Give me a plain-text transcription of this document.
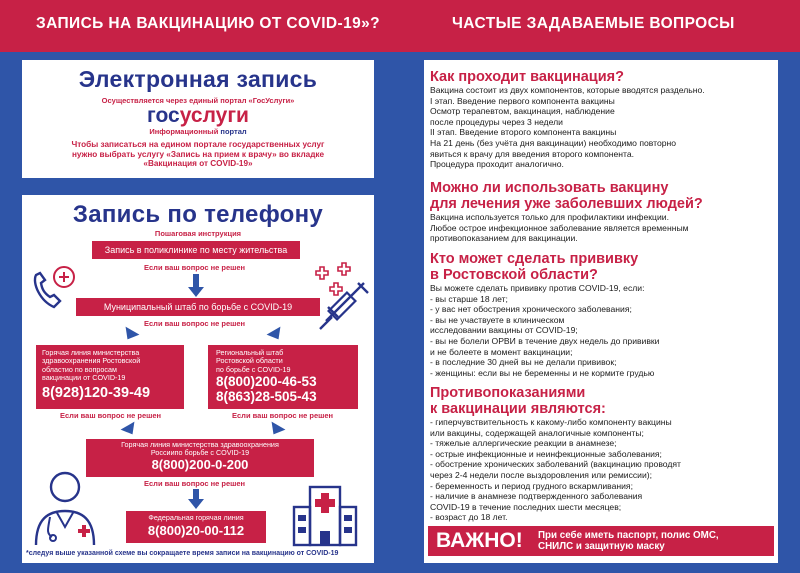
ЗАПИСЬ НА ВАКЦИНАЦИЮ ОТ COVID-19»?	ЧАСТЫЕ ЗАДАВАЕМЫЕ ВОПРОСЫ
Электронная запись
Осуществляется через единый портал «ГосУслуги»
госуслуги
Информационный портал
Чтобы записаться на едином портале государственных услуг
нужно выбрать услугу «Запись на прием к врачу» во вкладке
«Вакцинация от COVID-19»
Запись по телефону
Пошаговая инструкция
Запись в поликлинике по месту жительства
Если ваш вопрос не решен
Муниципальный штаб по борьбе с COVID-19
Если ваш вопрос не решен
Горячая линия министерства
здравоохранения Ростовской
областио по вопросам
вакцинации от COVID-19
8(928)120-39-49
Если ваш вопрос не решен
Региональный штаб
Ростовской области
по борьбе с COVID-19
8(800)200-46-53
8(863)28-505-43
Если ваш вопрос не решен
Горячая линия министерства здравоохранения
Россиипо борьбе с COVID-19
8(800)200-0-200
Если ваш вопрос не решен
Федеральная горячая линия
8(800)20-00-112
*следуя выше указанной схеме вы сокращаете время записи на вакцинацию от COVID-19
Как проходит вакцинация?

Вакцина состоит из двух компонентов, которые вводятся раздельно.

I этап. Введение первого компонента вакцины

Осмотр терапевтом, вакцинация, наблюдение

после процедуры через 3 недели

II этап. Введение второго компонента вакцины

На 21 день (без учёта дня вакцинации) необходимо повторно

явиться к врачу для введения второго компонента.

Процедура проходит аналогично.

Можно ли использовать вакцину
для лечения уже заболевших людей?

Вакцина используется только для профилактики инфекции.

Любое острое инфекционное заболевание является временным

противопоказанием для вакцинации.

Кто может сделать прививку
в Ростовской области?

Вы можете сделать прививку против COVID-19, если:

- вы старше 18 лет;

- у вас нет обострения хронического заболевания;

- вы не участвуете в клиническом

исследовании вакцины от COVID-19;

- вы не болели ОРВИ в течение двух недель до прививки

и не болеете в момент вакцинации;

- в последние 30 дней вы не делали прививок;

- женщины: если вы не беременны и не кормите грудью

Противопоказаниями
к вакцинации являются:

- гиперчувствительность к какому-либо компоненту вакцины

или вакцины, содержащей аналогичные компоненты;

- тяжелые аллергические реакции в анамнезе;

- острые инфекционные и неинфекционные заболевания;

- обострение хронических заболеваний (вакцинацию проводят

через 2-4 недели после выздоровления или ремиссии);

- беременность и период грудного вскармливания;

- наличие в анамнезе подтвержденного заболевания

COVID-19 в течение последних шести месяцев;

- возраст до 18 лет.

ВАЖНО! При себе иметь паспорт, полис ОМС,
СНИЛС и защитную маску
